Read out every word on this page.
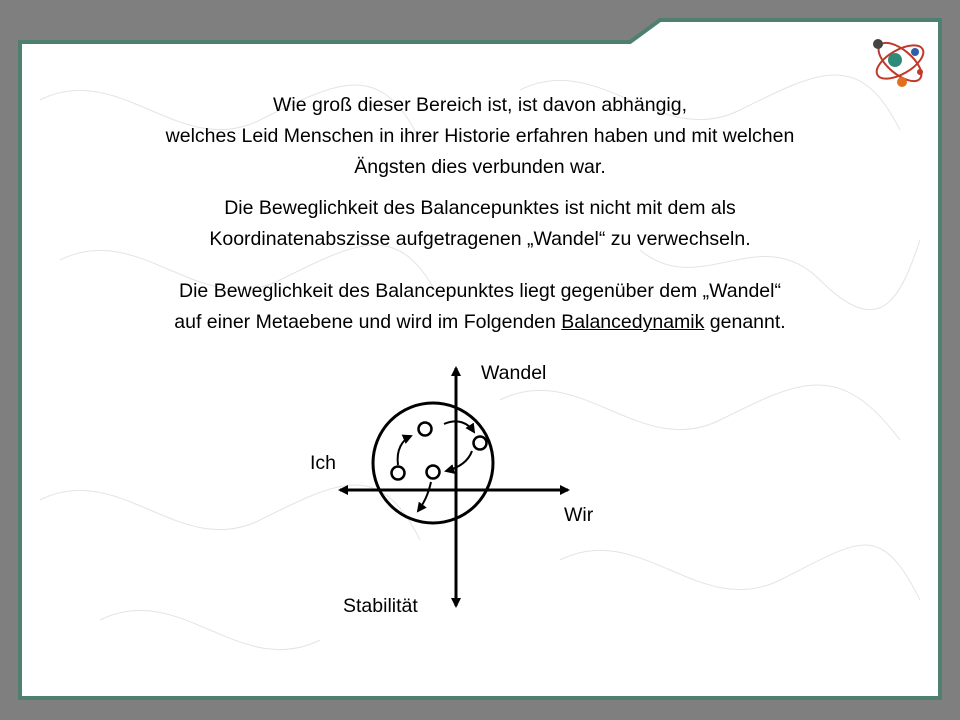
Wie groß dieser Bereich ist, ist davon abhängig,
welches Leid Menschen in ihrer Historie erfahren haben und mit welchen
Ängsten dies verbunden war.
Die Beweglichkeit des Balancepunktes ist nicht mit dem als
Koordinatenabszisse aufgetragenen „Wandel“ zu verwechseln.
Die Beweglichkeit des Balancepunktes liegt gegenüber dem „Wandel“
auf einer Metaebene und wird im Folgenden Balancedynamik genannt.
Wandel
Stabilität
Ich
Wir
